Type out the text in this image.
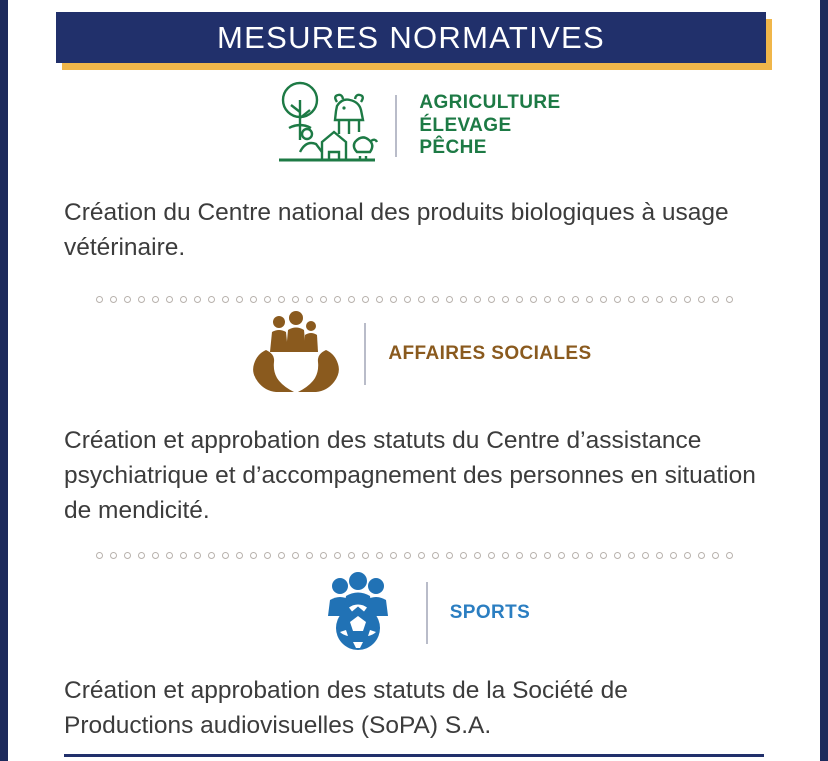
MESURES NORMATIVES
AGRICULTURE
ÉLEVAGE
PÊCHE
Création du Centre national des produits biologiques à usage vétérinaire.
AFFAIRES SOCIALES
Création et approbation des statuts du Centre d’assistance psychiatrique et d’accompagnement des personnes en situation de mendicité.
SPORTS
Création et approbation des statuts de la Société de Productions audiovisuelles (SoPA) S.A.
